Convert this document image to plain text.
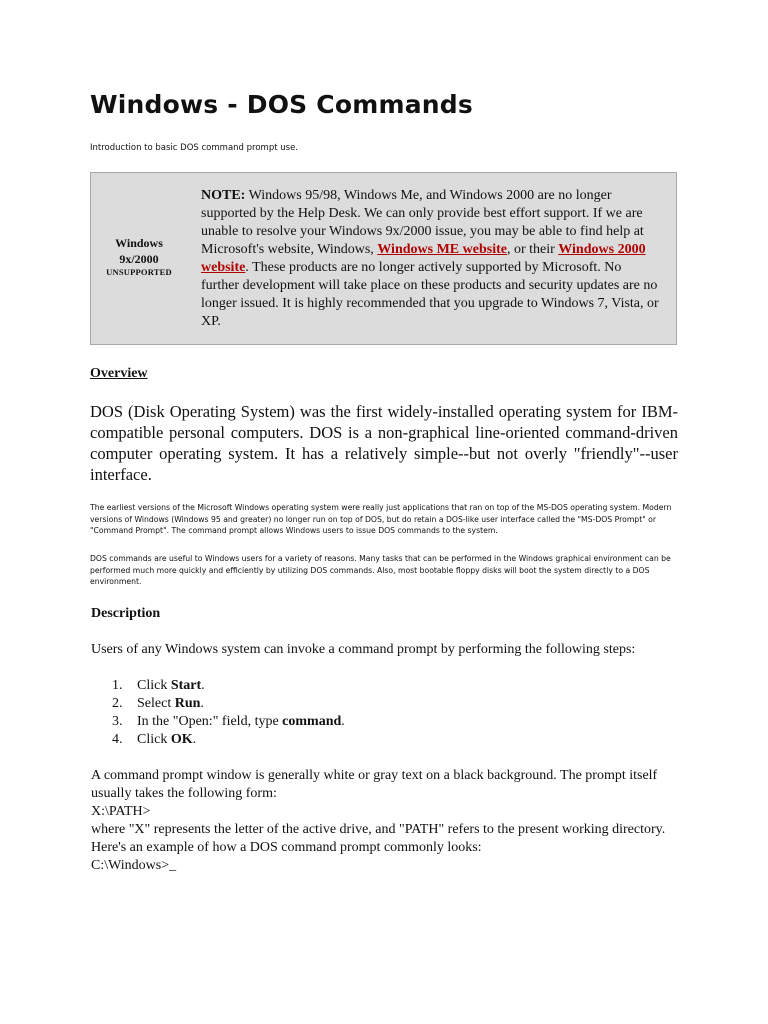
Windows - DOS Commands
Introduction to basic DOS command prompt use.
Windows
9x/2000
UNSUPPORTED
NOTE: Windows 95/98, Windows Me, and Windows 2000 are no longer supported by the Help Desk. We can only provide best effort support. If we are unable to resolve your Windows 9x/2000 issue, you may be able to find help at Microsoft's website, Windows, Windows ME website, or their Windows 2000 website. These products are no longer actively supported by Microsoft. No further development will take place on these products and security updates are no longer issued. It is highly recommended that you upgrade to Windows 7, Vista, or XP.
Overview

DOS (Disk Operating System) was the first widely-installed operating system for IBM-compatible personal computers. DOS is a non-graphical line-oriented command-driven computer operating system. It has a relatively simple--but not overly "friendly"--user interface.

The earliest versions of the Microsoft Windows operating system were really just applications that ran on top of the MS-DOS operating system. Modern versions of Windows (Windows 95 and greater) no longer run on top of DOS, but do retain a DOS-like user interface called the "MS-DOS Prompt" or "Command Prompt". The command prompt allows Windows users to issue DOS commands to the system.

DOS commands are useful to Windows users for a variety of reasons. Many tasks that can be performed in the Windows graphical environment can be performed much more quickly and efficiently by utilizing DOS commands. Also, most bootable floppy disks will boot the system directly to a DOS environment.

Description

Users of any Windows system can invoke a command prompt by performing the following steps:

1.	Click Start.
2.	Select Run.
3.	In the "Open:" field, type command.
4.	Click OK.
A command prompt window is generally white or gray text on a black background. The prompt itself usually takes the following form:
X:\PATH>
where "X" represents the letter of the active drive, and "PATH" refers to the present working directory. Here's an example of how a DOS command prompt commonly looks:
C:\Windows>_
